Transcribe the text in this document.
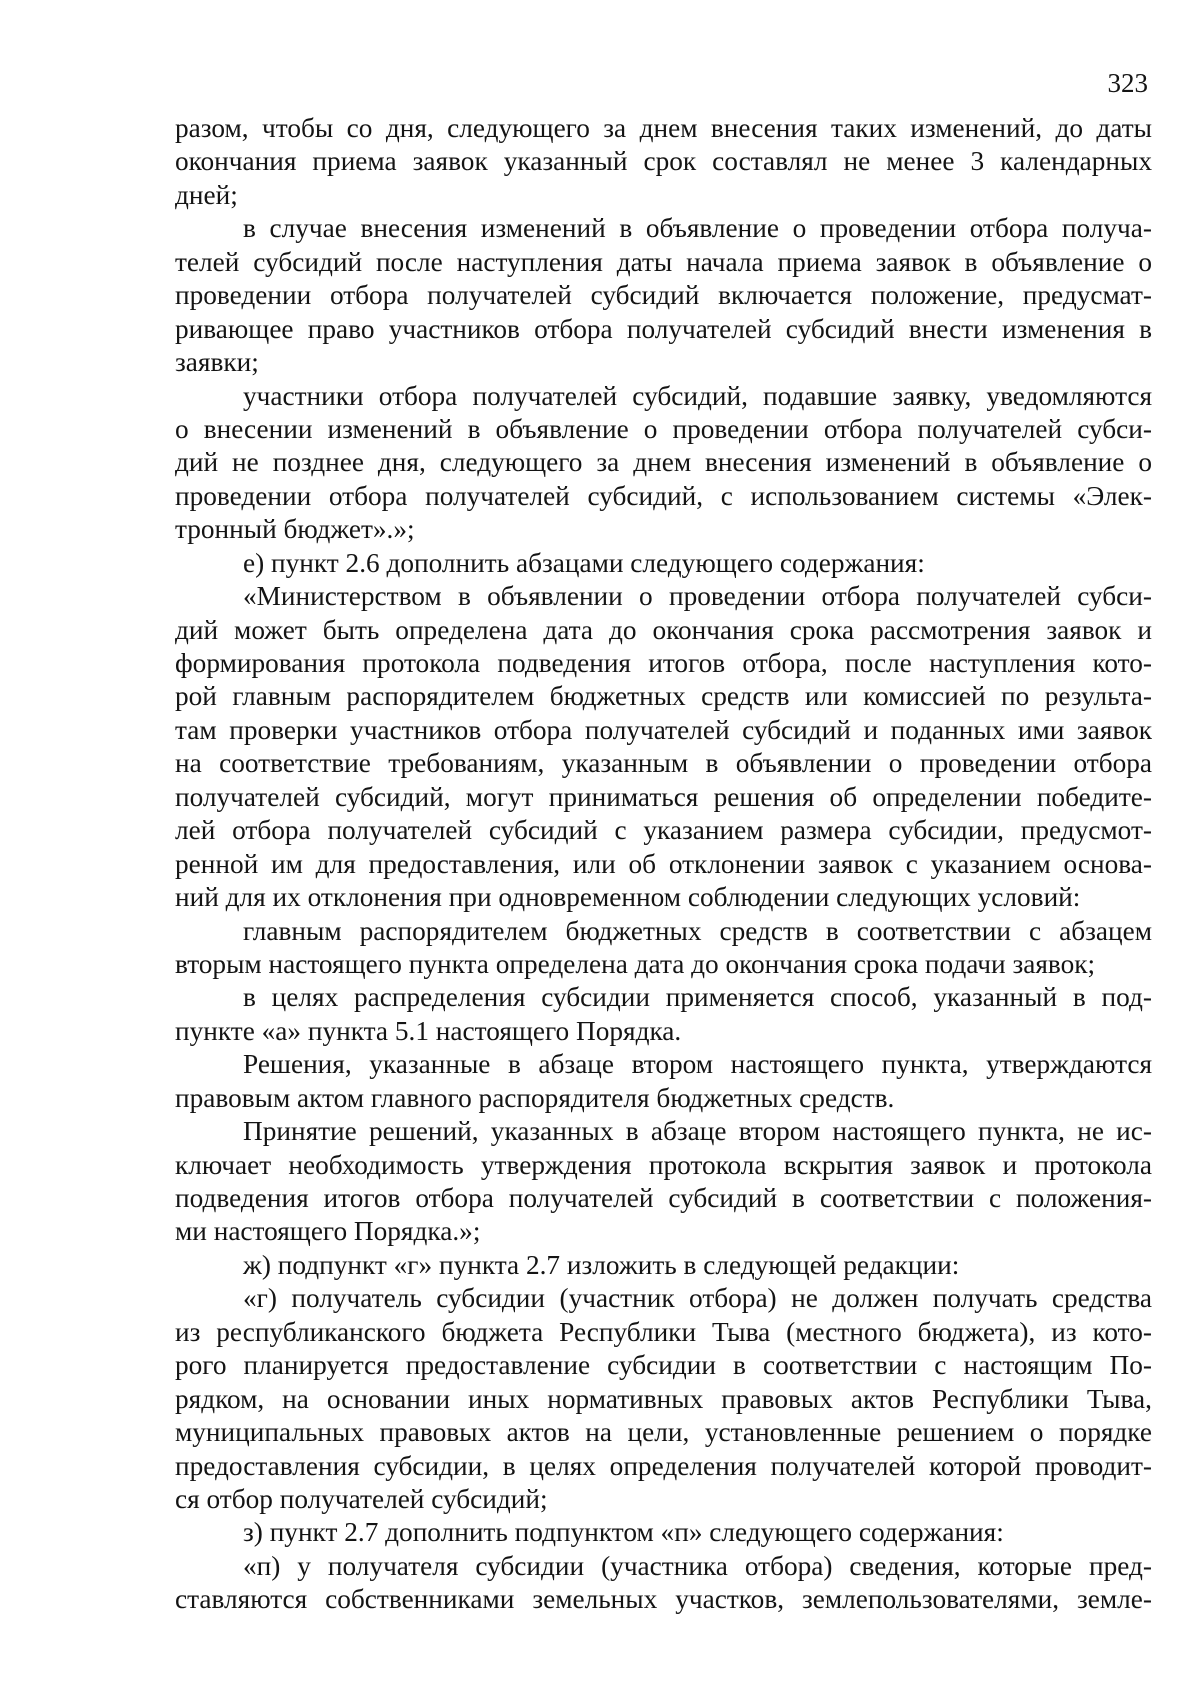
323
разом, чтобы со дня, следующего за днем внесения таких изменений, до даты
окончания приема заявок указанный срок составлял не менее 3 календарных
дней;
в случае внесения изменений в объявление о проведении отбора получа-
телей субсидий после наступления даты начала приема заявок в объявление о
проведении отбора получателей субсидий включается положение, предусмат-
ривающее право участников отбора получателей субсидий внести изменения в
заявки;
участники отбора получателей субсидий, подавшие заявку, уведомляются
о внесении изменений в объявление о проведении отбора получателей субси-
дий не позднее дня, следующего за днем внесения изменений в объявление о
проведении отбора получателей субсидий, с использованием системы «Элек-
тронный бюджет».»;
е) пункт 2.6 дополнить абзацами следующего содержания:
«Министерством в объявлении о проведении отбора получателей субси-
дий может быть определена дата до окончания срока рассмотрения заявок и
формирования протокола подведения итогов отбора, после наступления кото-
рой главным распорядителем бюджетных средств или комиссией по результа-
там проверки участников отбора получателей субсидий и поданных ими заявок
на соответствие требованиям, указанным в объявлении о проведении отбора
получателей субсидий, могут приниматься решения об определении победите-
лей отбора получателей субсидий с указанием размера субсидии, предусмот-
ренной им для предоставления, или об отклонении заявок с указанием основа-
ний для их отклонения при одновременном соблюдении следующих условий:
главным распорядителем бюджетных средств в соответствии с абзацем
вторым настоящего пункта определена дата до окончания срока подачи заявок;
в целях распределения субсидии применяется способ, указанный в под-
пункте «а» пункта 5.1 настоящего Порядка.
Решения, указанные в абзаце втором настоящего пункта, утверждаются
правовым актом главного распорядителя бюджетных средств.
Принятие решений, указанных в абзаце втором настоящего пункта, не ис-
ключает необходимость утверждения протокола вскрытия заявок и протокола
подведения итогов отбора получателей субсидий в соответствии с положения-
ми настоящего Порядка.»;
ж) подпункт «г» пункта 2.7 изложить в следующей редакции:
«г) получатель субсидии (участник отбора) не должен получать средства
из республиканского бюджета Республики Тыва (местного бюджета), из кото-
рого планируется предоставление субсидии в соответствии с настоящим По-
рядком, на основании иных нормативных правовых актов Республики Тыва,
муниципальных правовых актов на цели, установленные решением о порядке
предоставления субсидии, в целях определения получателей которой проводит-
ся отбор получателей субсидий;
з) пункт 2.7 дополнить подпунктом «п» следующего содержания:
«п) у получателя субсидии (участника отбора) сведения, которые пред-
ставляются собственниками земельных участков, землепользователями, земле-
